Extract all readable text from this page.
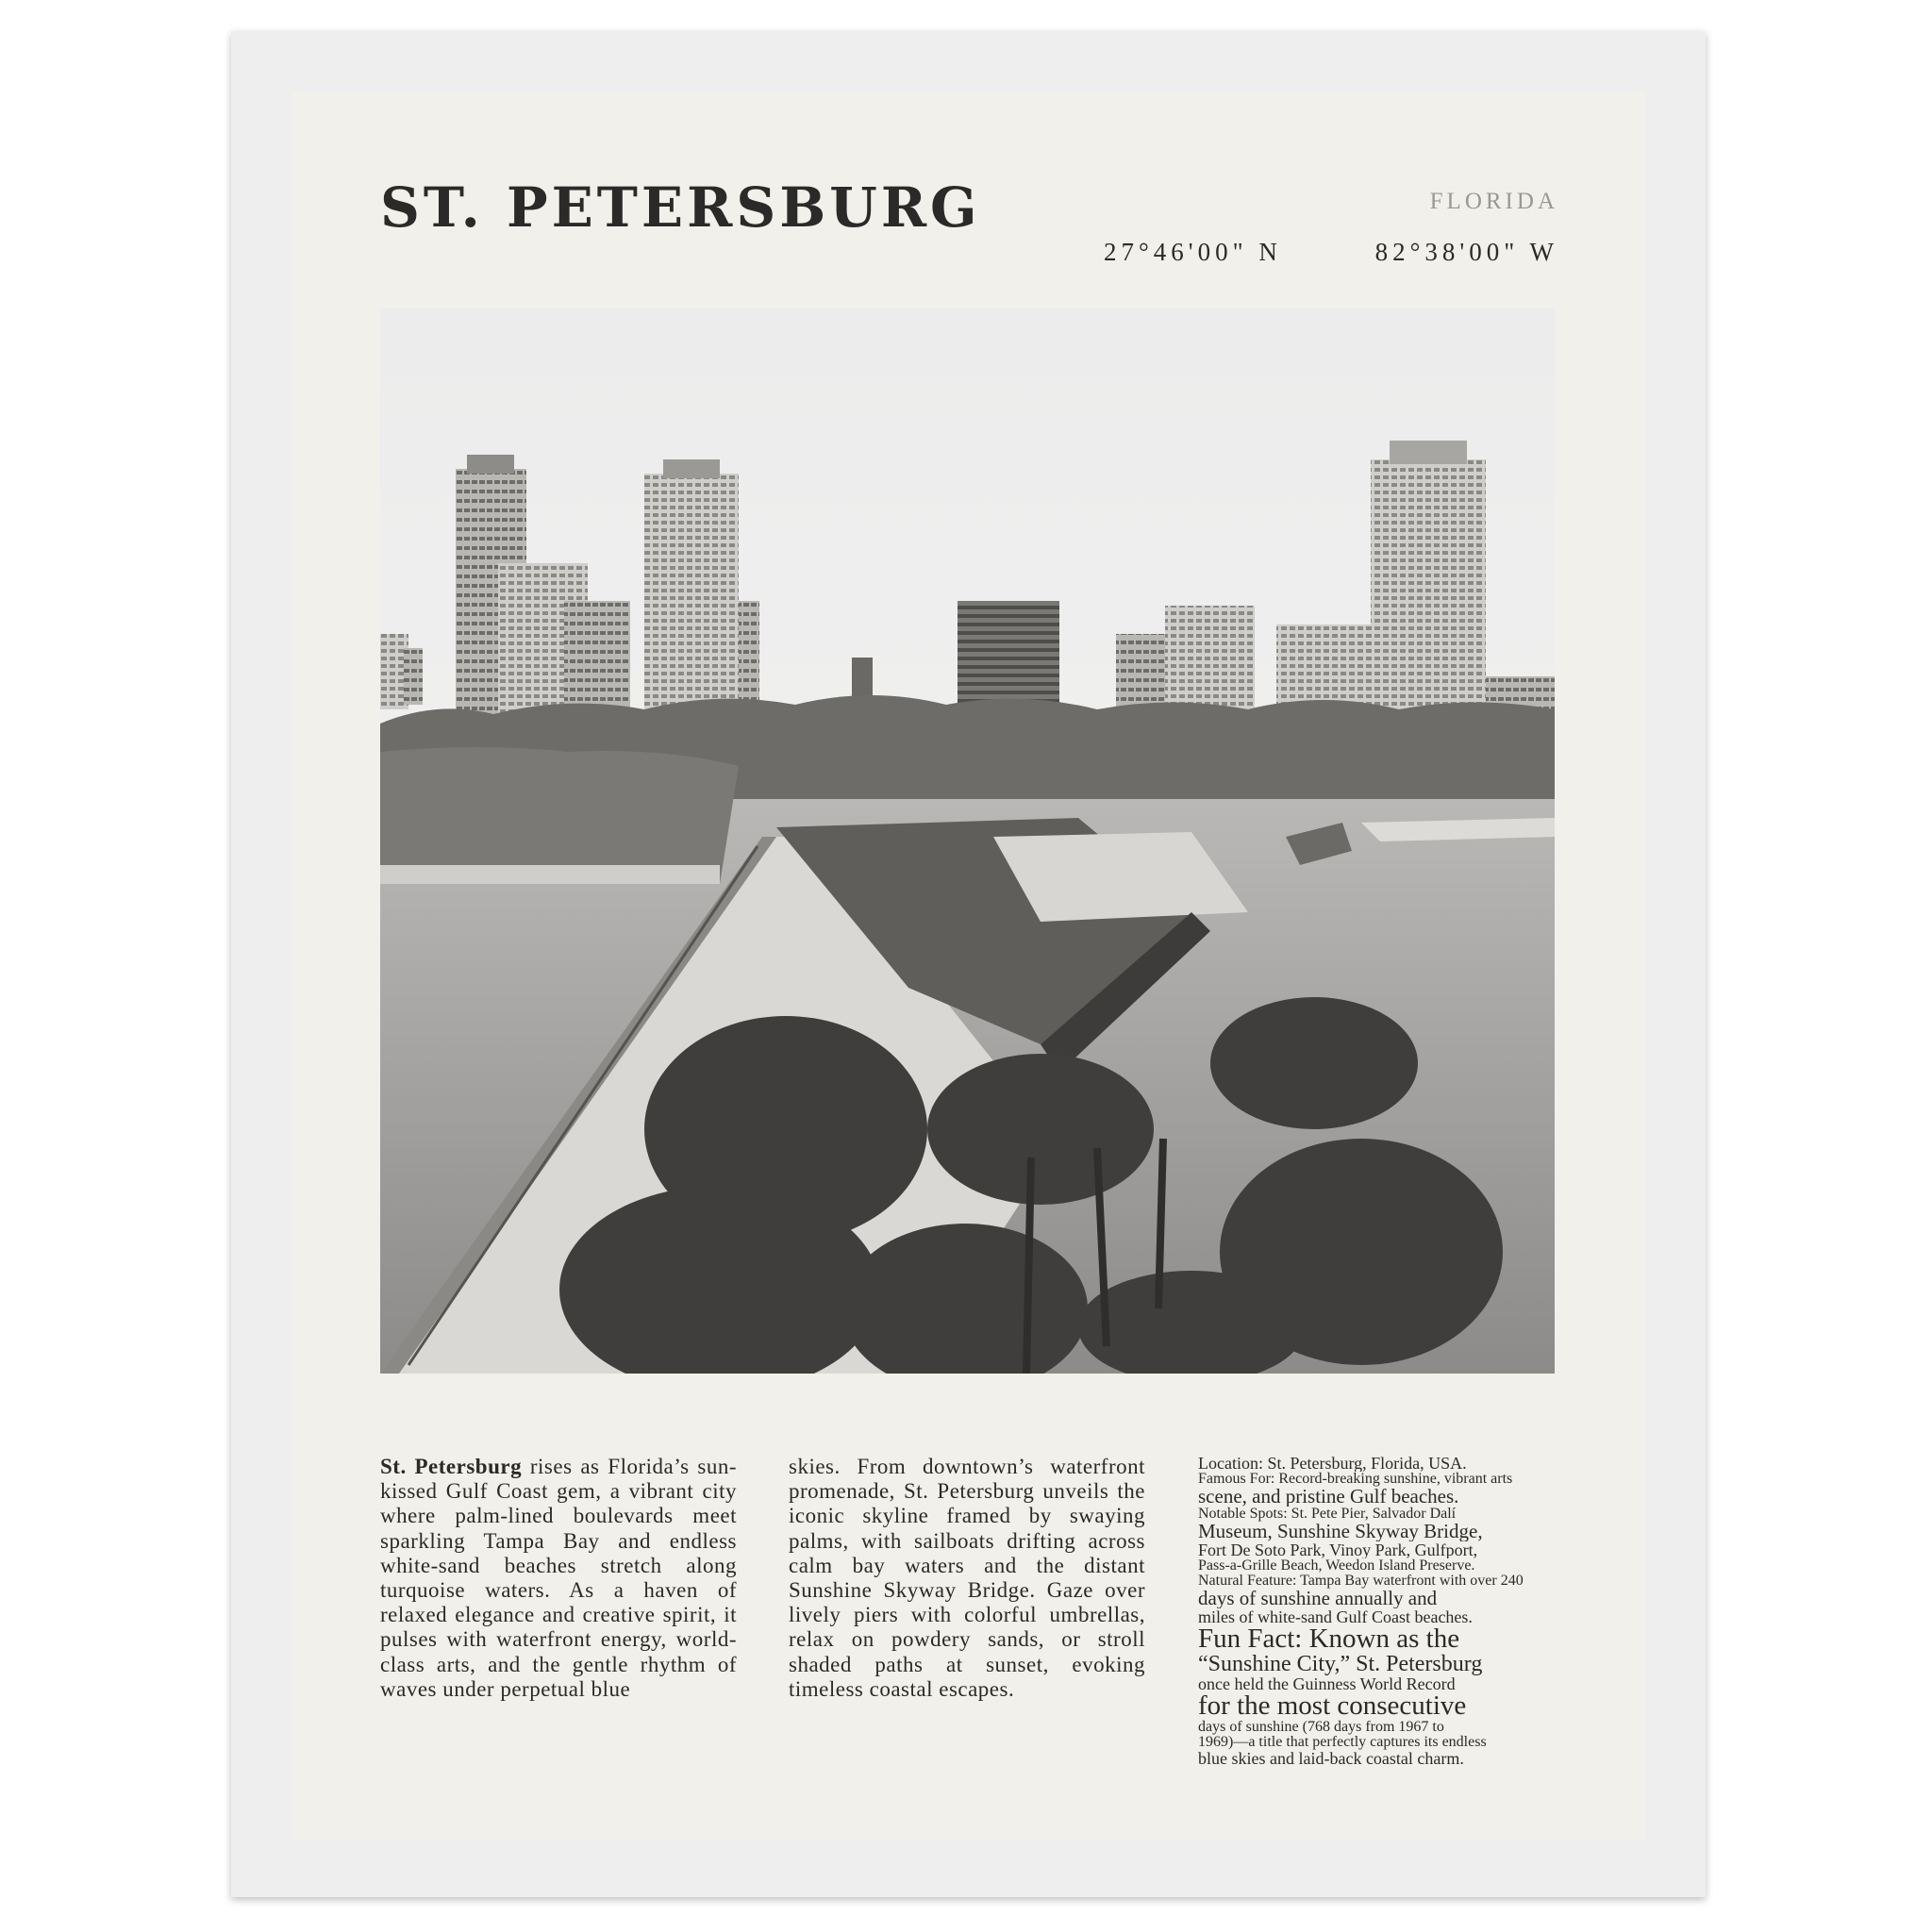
ST. PETERSBURG	FLORIDA
27°46'00" N	82°38'00" W
St. Petersburg rises as Florida’s sun-kissed Gulf Coast gem, a vibrant city where palm-lined boulevards meet sparkling Tampa Bay and endless white-sand beaches stretch along turquoise waters. As a haven of relaxed elegance and creative spirit, it pulses with waterfront energy, world-class arts, and the gentle rhythm of waves under perpetual blue
skies. From downtown’s waterfront promenade, St. Petersburg unveils the iconic skyline framed by swaying palms, with sailboats drifting across calm bay waters and the distant Sunshine Skyway Bridge. Gaze over lively piers with colorful umbrellas, relax on powdery sands, or stroll shaded paths at sunset, evoking timeless coastal escapes.
Location: St. Petersburg, Florida, USA.
Famous For: Record-breaking sunshine, vibrant arts
scene, and pristine Gulf beaches.
Notable Spots: St. Pete Pier, Salvador Dalí
Museum, Sunshine Skyway Bridge,
Fort De Soto Park, Vinoy Park, Gulfport,
Pass-a-Grille Beach, Weedon Island Preserve.
Natural Feature: Tampa Bay waterfront with over 240
days of sunshine annually and
miles of white-sand Gulf Coast beaches.
Fun Fact: Known as the
“Sunshine City,” St. Petersburg
once held the Guinness World Record
for the most consecutive
days of sunshine (768 days from 1967 to
1969)—a title that perfectly captures its endless
blue skies and laid-back coastal charm.
